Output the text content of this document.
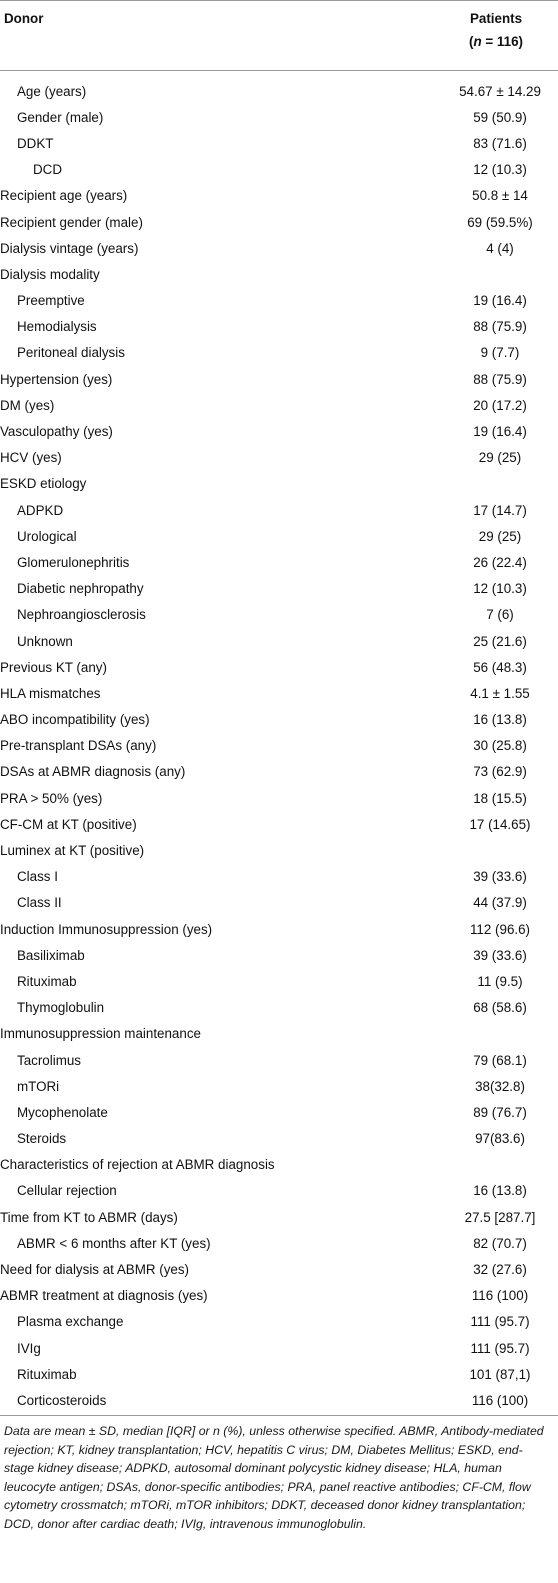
Donor	Patients
(n = 116)
Age (years)	54.67 ± 14.29
Gender (male)	59 (50.9)
DDKT	83 (71.6)
DCD	12 (10.3)
Recipient age (years)	50.8 ± 14
Recipient gender (male)	69 (59.5%)
Dialysis vintage (years)	4 (4)
Dialysis modality	
Preemptive	19 (16.4)
Hemodialysis	88 (75.9)
Peritoneal dialysis	9 (7.7)
Hypertension (yes)	88 (75.9)
DM (yes)	20 (17.2)
Vasculopathy (yes)	19 (16.4)
HCV (yes)	29 (25)
ESKD etiology	
ADPKD	17 (14.7)
Urological	29 (25)
Glomerulonephritis	26 (22.4)
Diabetic nephropathy	12 (10.3)
Nephroangiosclerosis	7 (6)
Unknown	25 (21.6)
Previous KT (any)	56 (48.3)
HLA mismatches	4.1 ± 1.55
ABO incompatibility (yes)	16 (13.8)
Pre-transplant DSAs (any)	30 (25.8)
DSAs at ABMR diagnosis (any)	73 (62.9)
PRA > 50% (yes)	18 (15.5)
CF-CM at KT (positive)	17 (14.65)
Luminex at KT (positive)	
Class I	39 (33.6)
Class II	44 (37.9)
Induction Immunosuppression (yes)	112 (96.6)
Basiliximab	39 (33.6)
Rituximab	11 (9.5)
Thymoglobulin	68 (58.6)
Immunosuppression maintenance	
Tacrolimus	79 (68.1)
mTORi	38(32.8)
Mycophenolate	89 (76.7)
Steroids	97(83.6)
Characteristics of rejection at ABMR diagnosis	
Cellular rejection	16 (13.8)
Time from KT to ABMR (days)	27.5 [287.7]
ABMR < 6 months after KT (yes)	82 (70.7)
Need for dialysis at ABMR (yes)	32 (27.6)
ABMR treatment at diagnosis (yes)	116 (100)
Plasma exchange	111 (95.7)
IVIg	111 (95.7)
Rituximab	101 (87,1)
Corticosteroids	116 (100)
Data are mean ± SD, median [IQR] or n (%), unless otherwise specified. ABMR, Antibody-mediated rejection; KT, kidney transplantation; HCV, hepatitis C virus; DM, Diabetes Mellitus; ESKD, end-stage kidney disease; ADPKD, autosomal dominant polycystic kidney disease; HLA, human leucocyte antigen; DSAs, donor-specific antibodies; PRA, panel reactive antibodies; CF-CM, flow cytometry crossmatch; mTORi, mTOR inhibitors; DDKT, deceased donor kidney transplantation; DCD, donor after cardiac death; IVIg, intravenous immunoglobulin.
